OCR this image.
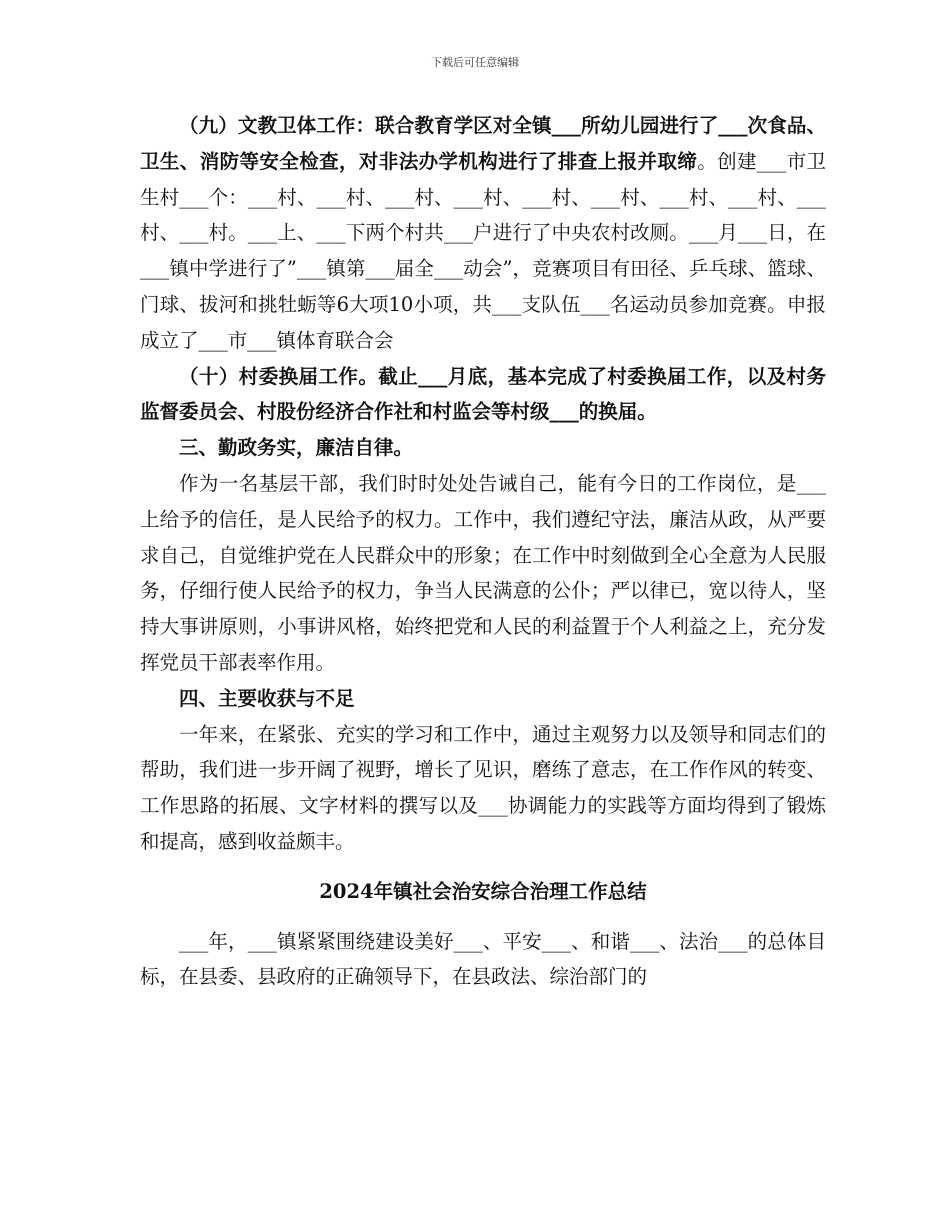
下载后可任意编辑

（九）文教卫体工作：联合教育学区对全镇___所幼儿园进行了___次食品、卫生、消防等安全检查，对非法办学机构进行了排查上报并取缔。创建___市卫生村___个：___村、___村、___村、___村、___村、___村、___村、___村、___村、___村。___上、___下两个村共___户进行了中央农村改厕。___月___日，在___镇中学进行了”___镇第___届全___动会”，竞赛项目有田径、乒乓球、篮球、门球、拔河和挑牡蛎等6大项10小项，共___支队伍___名运动员参加竞赛。申报成立了___市___镇体育联合会

（十）村委换届工作。截止___月底，基本完成了村委换届工作，以及村务监督委员会、村股份经济合作社和村监会等村级___的换届。

三、勤政务实，廉洁自律。

作为一名基层干部，我们时时处处告诫自己，能有今日的工作岗位，是___上给予的信任，是人民给予的权力。工作中，我们遵纪守法，廉洁从政，从严要求自己，自觉维护党在人民群众中的形象；在工作中时刻做到全心全意为人民服务，仔细行使人民给予的权力，争当人民满意的公仆；严以律已，宽以待人，坚持大事讲原则，小事讲风格，始终把党和人民的利益置于个人利益之上，充分发挥党员干部表率作用。

四、主要收获与不足

一年来，在紧张、充实的学习和工作中，通过主观努力以及领导和同志们的帮助，我们进一步开阔了视野，增长了见识，磨练了意志，在工作作风的转变、工作思路的拓展、文字材料的撰写以及___协调能力的实践等方面均得到了锻炼和提高，感到收益颇丰。

2024年镇社会治安综合治理工作总结

___年，___镇紧紧围绕建设美好___、平安___、和谐___、法治___的总体目标，在县委、县政府的正确领导下，在县政法、综治部门的
